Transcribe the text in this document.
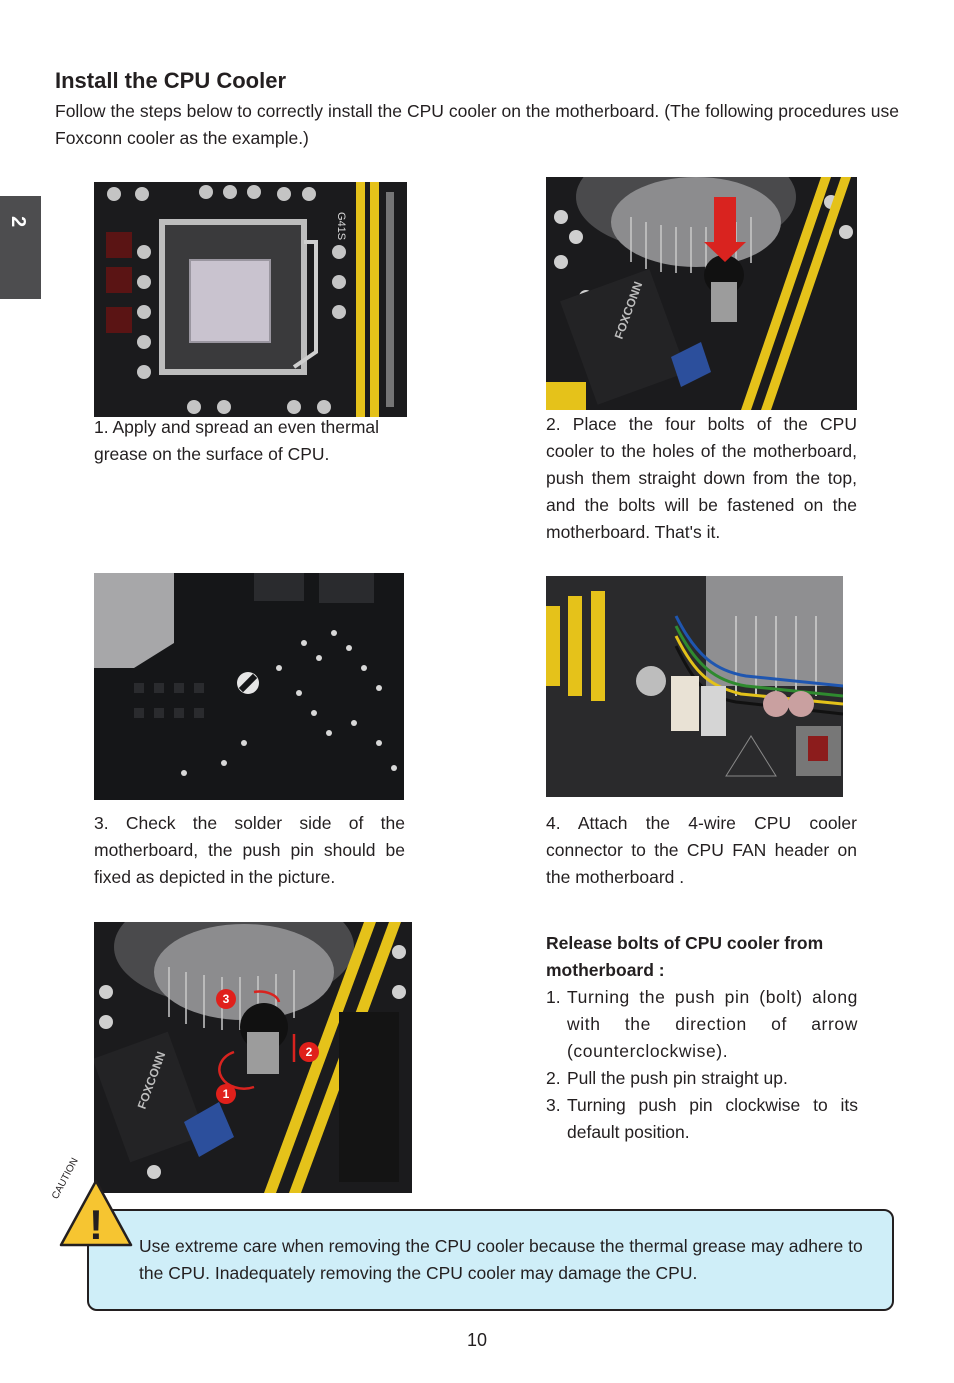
2
Install the CPU Cooler
Follow the steps below to correctly install the CPU cooler on the motherboard. (The following procedures use Foxconn cooler as the example.)
G41S
1. Apply and spread an even thermal grease on the surface of CPU.
FOXCONN
2. Place the four bolts of the CPU cooler to the holes of the motherboard, push them straight down from the top, and the bolts will be fastened on the motherboard. That's it.
3. Check the solder side of the motherboard, the push pin should be fixed as depicted in the picture.
4. Attach the 4-wire CPU cooler connector to the CPU FAN header on the motherboard .
FOXCONN
3
2
1
Release bolts of CPU cooler from motherboard :
1. Turning the push pin (bolt) along with the direction of arrow (counterclockwise).
2. Pull the push pin straight up.
3. Turning push pin clockwise to its default position.
!
CAUTION
Use extreme care when removing the CPU cooler because the thermal grease may adhere to the CPU. Inadequately removing the CPU cooler may damage the CPU.
10
